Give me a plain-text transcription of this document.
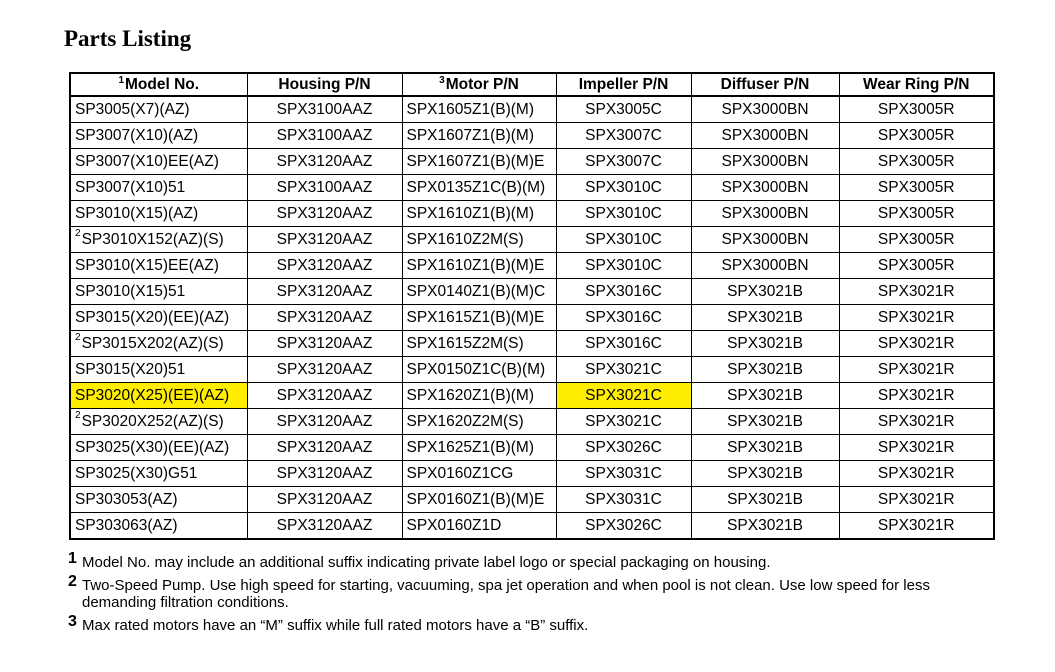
Parts Listing
$^1$Model No.	Housing P/N	$^3$Motor P/N	Impeller P/N	Diffuser P/N	Wear Ring P/N
SP3005(X7)(AZ)	SPX3100AAZ	SPX1605Z1(B)(M)	SPX3005C	SPX3000BN	SPX3005R
SP3007(X10)(AZ)	SPX3100AAZ	SPX1607Z1(B)(M)	SPX3007C	SPX3000BN	SPX3005R
SP3007(X10)EE(AZ)	SPX3120AAZ	SPX1607Z1(B)(M)E	SPX3007C	SPX3000BN	SPX3005R
SP3007(X10)51	SPX3100AAZ	SPX0135Z1C(B)(M)	SPX3010C	SPX3000BN	SPX3005R
SP3010(X15)(AZ)	SPX3120AAZ	SPX1610Z1(B)(M)	SPX3010C	SPX3000BN	SPX3005R
$^2$SP3010X152(AZ)(S)	SPX3120AAZ	SPX1610Z2M(S)	SPX3010C	SPX3000BN	SPX3005R
SP3010(X15)EE(AZ)	SPX3120AAZ	SPX1610Z1(B)(M)E	SPX3010C	SPX3000BN	SPX3005R
SP3010(X15)51	SPX3120AAZ	SPX0140Z1(B)(M)C	SPX3016C	SPX3021B	SPX3021R
SP3015(X20)(EE)(AZ)	SPX3120AAZ	SPX1615Z1(B)(M)E	SPX3016C	SPX3021B	SPX3021R
$^2$SP3015X202(AZ)(S)	SPX3120AAZ	SPX1615Z2M(S)	SPX3016C	SPX3021B	SPX3021R
SP3015(X20)51	SPX3120AAZ	SPX0150Z1C(B)(M)	SPX3021C	SPX3021B	SPX3021R
SP3020(X25)(EE)(AZ)	SPX3120AAZ	SPX1620Z1(B)(M)	SPX3021C	SPX3021B	SPX3021R
$^2$SP3020X252(AZ)(S)	SPX3120AAZ	SPX1620Z2M(S)	SPX3021C	SPX3021B	SPX3021R
SP3025(X30)(EE)(AZ)	SPX3120AAZ	SPX1625Z1(B)(M)	SPX3026C	SPX3021B	SPX3021R
SP3025(X30)G51	SPX3120AAZ	SPX0160Z1CG	SPX3031C	SPX3021B	SPX3021R
SP303053(AZ)	SPX3120AAZ	SPX0160Z1(B)(M)E	SPX3031C	SPX3021B	SPX3021R
SP303063(AZ)	SPX3120AAZ	SPX0160Z1D	SPX3026C	SPX3021B	SPX3021R
1 Model No. may include an additional suffix indicating private label logo or special packaging on housing.
2 Two-Speed Pump. Use high speed for starting, vacuuming, spa jet operation and when pool is not clean. Use low speed for less demanding filtration conditions.
3 Max rated motors have an “M” suffix while full rated motors have a “B” suffix.
